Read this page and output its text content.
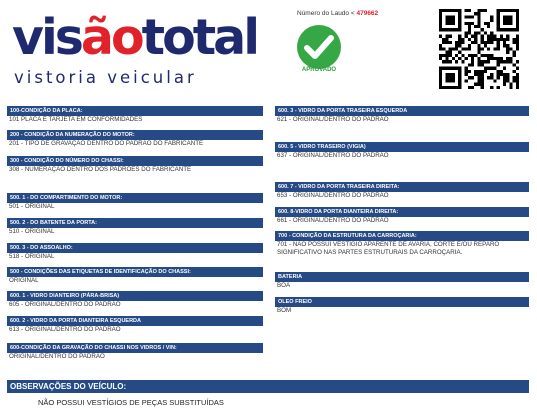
visãototal
vistoria veicular
Número do Laudo < 479662
APROVADO
100-CONDIÇÃO DA PLACA:
101 PLACA E TARJETA EM CONFORMIDADES
200 - CONDIÇÃO DA NUMERAÇÃO DO MOTOR:
201 - TIPO DE GRAVAÇÃO DENTRO DO PADRÃO DO FABRICANTE
300 - CONDIÇÃO DO NÚMERO DO CHASSI:
308 - NUMERAÇÃO DENTRO DOS PADRÕES DO FABRICANTE
500. 1 - DO COMPARTIMENTO DO MOTOR:
501 - ORIGINAL
500. 2 - DO BATENTE DA PORTA:
510 - ORIGINAL
500. 3 - DO ASSOALHO:
518 - ORIGINAL
500 - CONDIÇÕES DAS ETIQUETAS DE IDENTIFICAÇÃO DO CHASSI:
ORIGINAL
600. 1 - VIDRO DIANTEIRO (PÁRA-BRISA)
605 - ORIGINAL/DENTRO DO PADRÃO
600. 2 - VIDRO DA PORTA DIANTEIRA ESQUERDA
613 - ORIGINAL/DENTRO DO PADRÃO
600-CONDIÇÃO DA GRAVAÇÃO DO CHASSI NOS VIDROS / VIN:
ORIGINAL/DENTRO DO PADRÃO
600. 3 - VIDRO DA PORTA TRASEIRA ESQUERDA
621 - ORIGINAL/DENTRO DO PADRÃO
600. 5 - VIDRO TRASEIRO (VIGIA)
637 - ORIGINAL/DENTRO DO PADRÃO
600. 7 - VIDRO DA PORTA TRASEIRA DIREITA:
653 - ORIGINAL/DENTRO DO PADRÃO
600. 8-VIDRO DA PORTA DIANTEIRA DIREITA:
661 - ORIGINAL/DENTRO DO PADRÃO
700 - CONDIÇÃO DA ESTRUTURA DA CARROÇARIA:
701 - NÃO POSSUI VESTÍGIO APARENTE DE AVARIA, CORTE E/OU REPARO SIGNIFICATIVO NAS PARTES ESTRUTURAIS DA CARROÇARIA.
BATERIA
BOA
OLEO FREIO
BOM
OBSERVAÇÕES DO VEÍCULO:
NÃO POSSUI VESTÍGIOS DE PEÇAS SUBSTITUÍDAS
